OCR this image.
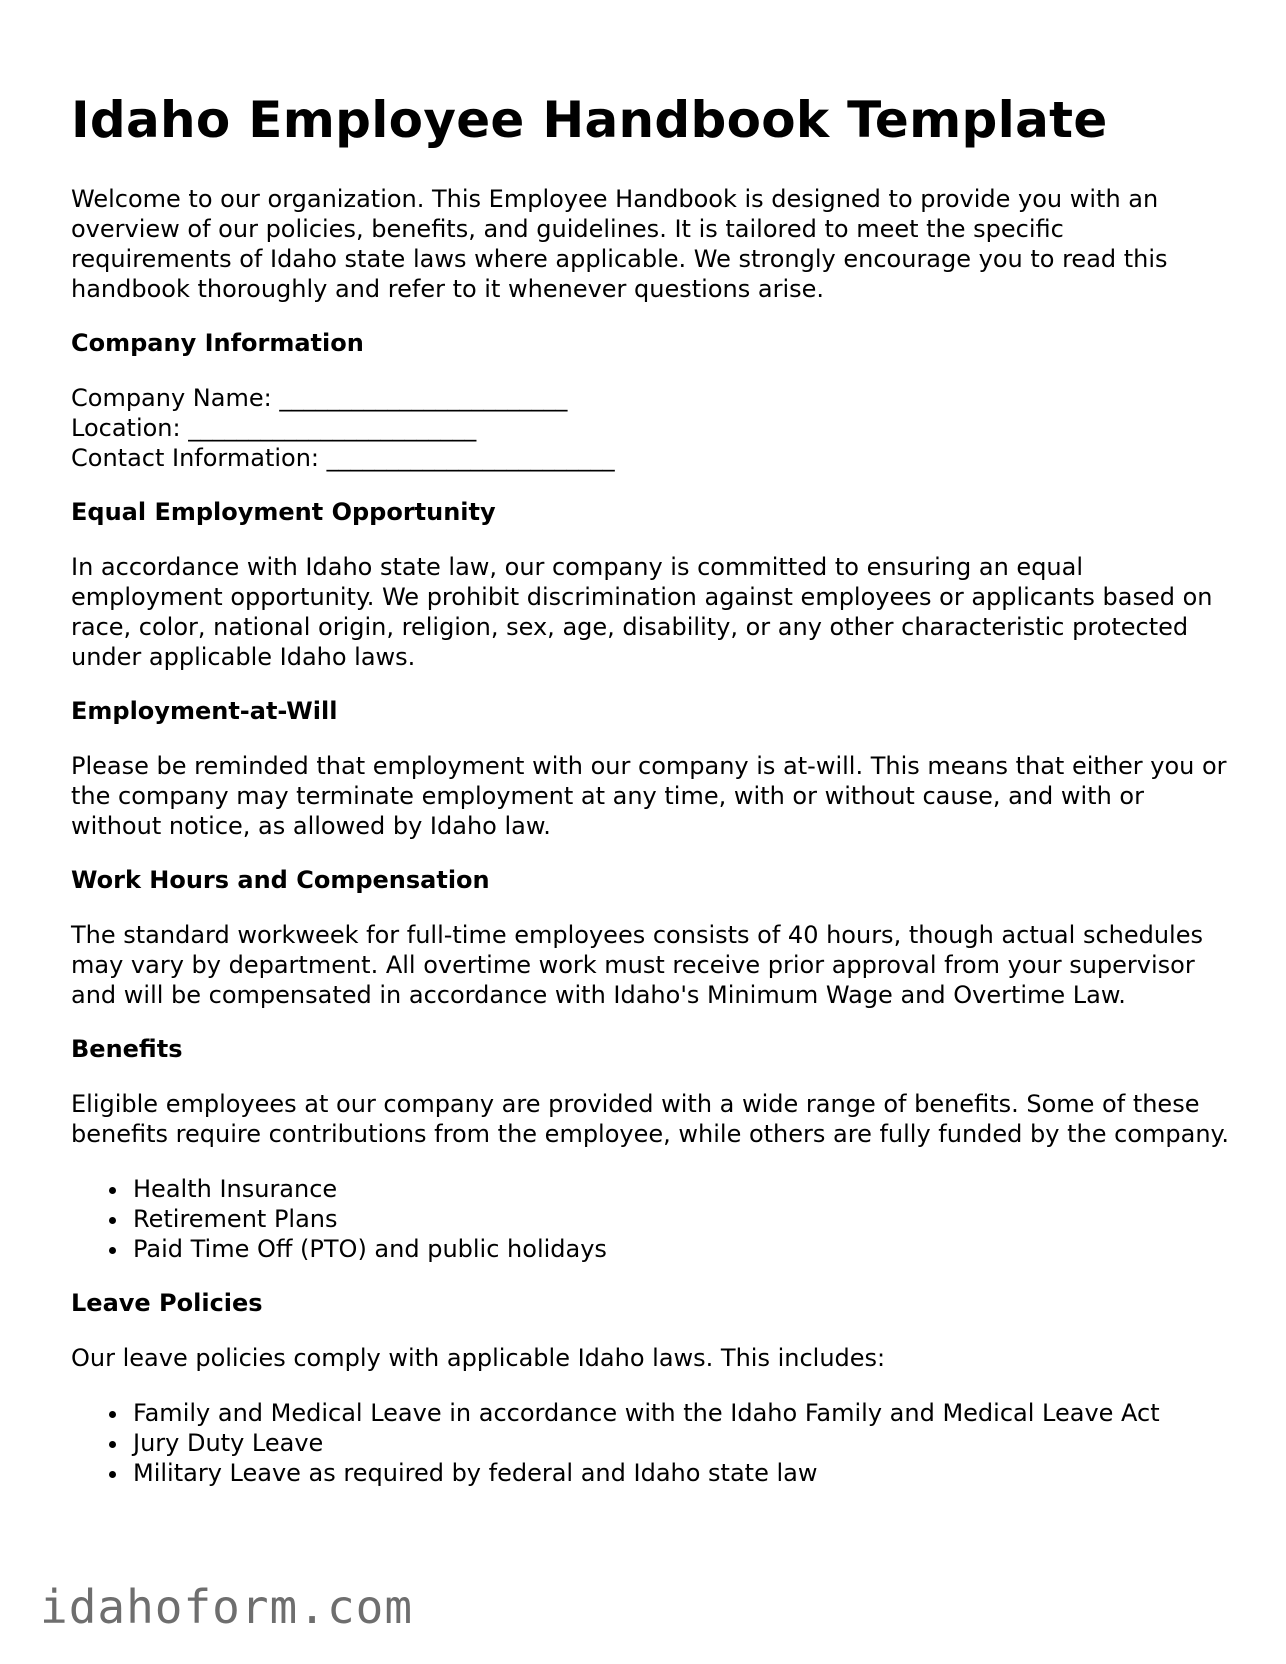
Idaho Employee Handbook Template

Welcome to our organization. This Employee Handbook is designed to provide you with an overview of our policies, benefits, and guidelines. It is tailored to meet the specific requirements of Idaho state laws where applicable. We strongly encourage you to read this handbook thoroughly and refer to it whenever questions arise.

Company Information
Company Name: ________________________
Location: ________________________
Contact Information: ________________________
Equal Employment Opportunity

In accordance with Idaho state law, our company is committed to ensuring an equal employment opportunity. We prohibit discrimination against employees or applicants based on race, color, national origin, religion, sex, age, disability, or any other characteristic protected under applicable Idaho laws.

Employment-at-Will

Please be reminded that employment with our company is at-will. This means that either you or the company may terminate employment at any time, with or without cause, and with or without notice, as allowed by Idaho law.

Work Hours and Compensation

The standard workweek for full-time employees consists of 40 hours, though actual schedules may vary by department. All overtime work must receive prior approval from your supervisor and will be compensated in accordance with Idaho's Minimum Wage and Overtime Law.

Benefits

Eligible employees at our company are provided with a wide range of benefits. Some of these benefits require contributions from the employee, while others are fully funded by the company.

Health Insurance
Retirement Plans
Paid Time Off (PTO) and public holidays
Leave Policies

Our leave policies comply with applicable Idaho laws. This includes:

Family and Medical Leave in accordance with the Idaho Family and Medical Leave Act
Jury Duty Leave
Military Leave as required by federal and Idaho state law
idahoform.com
